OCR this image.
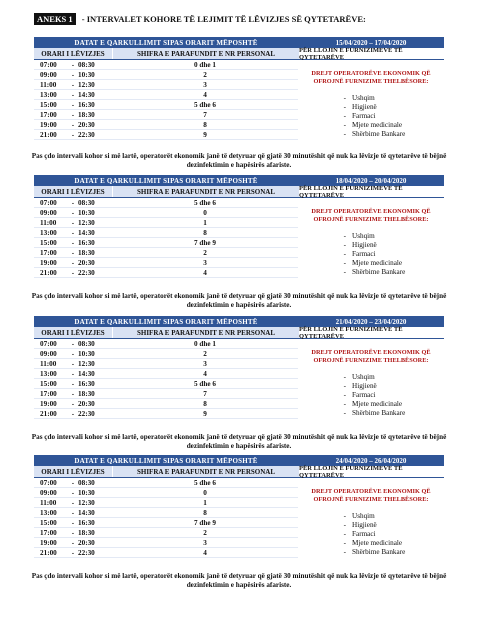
ANEKS 1 - INTERVALET KOHORE TË LEJIMIT TË LËVIZJES SË QYTETARËVE:
DATAT E QARKULLIMIT SIPAS ORARIT MËPOSHTË	15/04/2020 – 17/04/2020
ORARI I LËVIZJES	SHIFRA E PARAFUNDIT E NR PERSONAL	PËR LLOJIN E FURNIZIMEVE TË QYTETARËVE
07:00	- 08:30	0 dhe 1
09:00	- 10:30	2
11:00	- 12:30	3
13:00	- 14:30	4
15:00	- 16:30	5 dhe 6
17:00	- 18:30	7
19:00	- 20:30	8
21:00	- 22:30	9
DREJT OPERATORËVE EKONOMIK QË OFROJNË FURNIZIME THELBËSORE:
- Ushqim
- Higjienë
- Farmaci
- Mjete medicinale
- Shërbime Bankare
Pas çdo intervali kohor si më lartë, operatorët ekonomik janë të detyruar që gjatë 30 minutëshit që nuk ka lëvizje të qytetarëve të bëjnë dezinfektimin e hapësirës afariste.
DATAT E QARKULLIMIT SIPAS ORARIT MËPOSHTË	18/04/2020 – 20/04/2020
ORARI I LËVIZJES	SHIFRA E PARAFUNDIT E NR PERSONAL	PËR LLOJIN E FURNIZIMEVE TË QYTETARËVE
07:00	- 08:30	5 dhe 6
09:00	- 10:30	0
11:00	- 12:30	1
13:00	- 14:30	8
15:00	- 16:30	7 dhe 9
17:00	- 18:30	2
19:00	- 20:30	3
21:00	- 22:30	4
DREJT OPERATORËVE EKONOMIK QË OFROJNË FURNIZIME THELBËSORE:
- Ushqim
- Higjienë
- Farmaci
- Mjete medicinale
- Shërbime Bankare
Pas çdo intervali kohor si më lartë, operatorët ekonomik janë të detyruar që gjatë 30 minutëshit që nuk ka lëvizje të qytetarëve të bëjnë dezinfektimin e hapësirës afariste.
DATAT E QARKULLIMIT SIPAS ORARIT MËPOSHTË	21/04/2020 – 23/04/2020
ORARI I LËVIZJES	SHIFRA E PARAFUNDIT E NR PERSONAL	PËR LLOJIN E FURNIZIMEVE TË QYTETARËVE
07:00	- 08:30	0 dhe 1
09:00	- 10:30	2
11:00	- 12:30	3
13:00	- 14:30	4
15:00	- 16:30	5 dhe 6
17:00	- 18:30	7
19:00	- 20:30	8
21:00	- 22:30	9
DREJT OPERATORËVE EKONOMIK QË OFROJNË FURNIZIME THELBËSORE:
- Ushqim
- Higjienë
- Farmaci
- Mjete medicinale
- Shërbime Bankare
Pas çdo intervali kohor si më lartë, operatorët ekonomik janë të detyruar që gjatë 30 minutëshit që nuk ka lëvizje të qytetarëve të bëjnë dezinfektimin e hapësirës afariste.
DATAT E QARKULLIMIT SIPAS ORARIT MËPOSHTË	24/04/2020 – 26/04/2020
ORARI I LËVIZJES	SHIFRA E PARAFUNDIT E NR PERSONAL	PËR LLOJIN E FURNIZIMEVE TË QYTETARËVE
07:00	- 08:30	5 dhe 6
09:00	- 10:30	0
11:00	- 12:30	1
13:00	- 14:30	8
15:00	- 16:30	7 dhe 9
17:00	- 18:30	2
19:00	- 20:30	3
21:00	- 22:30	4
DREJT OPERATORËVE EKONOMIK QË OFROJNË FURNIZIME THELBËSORE:
- Ushqim
- Higjienë
- Farmaci
- Mjete medicinale
- Shërbime Bankare
Pas çdo intervali kohor si më lartë, operatorët ekonomik janë të detyruar që gjatë 30 minutëshit që nuk ka lëvizje të qytetarëve të bëjnë dezinfektimin e hapësirës afariste.
